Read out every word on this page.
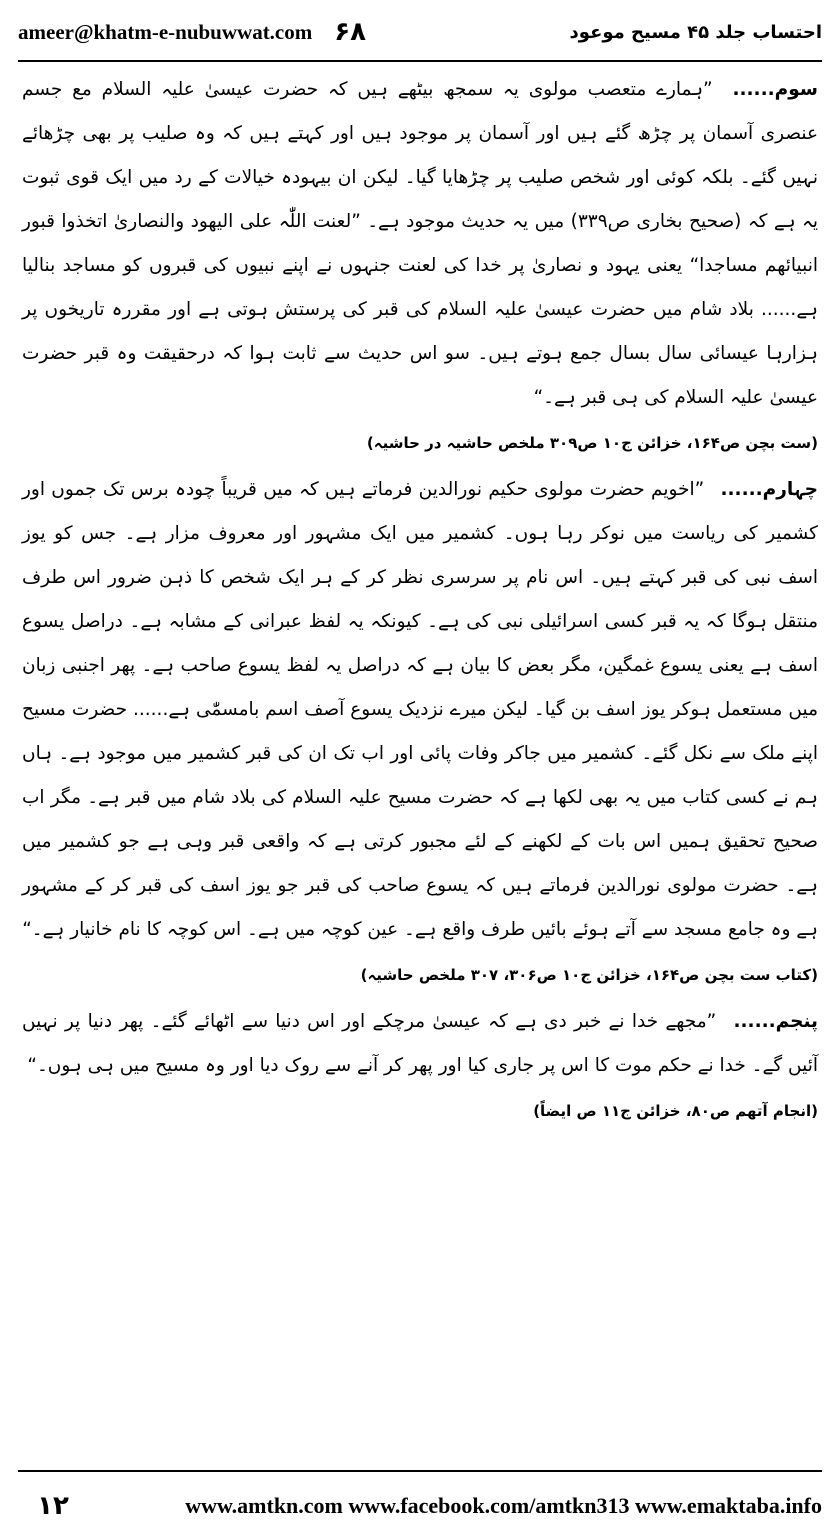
ameer@khatm-e-nubuwwat.com ۶۸	احتساب جلد ۴۵ مسیح موعود

سوم...... ”ہمارے متعصب مولوی یہ سمجھ بیٹھے ہیں کہ حضرت عیسیٰ علیہ السلام مع جسم عنصری آسمان پر چڑھ گئے ہیں اور آسمان پر موجود ہیں اور کہتے ہیں کہ وہ صلیب پر بھی چڑھائے نہیں گئے۔ بلکہ کوئی اور شخص صلیب پر چڑھایا گیا۔ لیکن ان بیہودہ خیالات کے رد میں ایک قوی ثبوت یہ ہے کہ (صحیح بخاری ص۳۳۹) میں یہ حدیث موجود ہے۔ ”لعنت اللّٰہ علی الیھود والنصاریٰ اتخذوا قبور انبیائھم مساجدا“ یعنی یہود و نصاریٰ پر خدا کی لعنت جنہوں نے اپنے نبیوں کی قبروں کو مساجد بنالیا ہے...... بلاد شام میں حضرت عیسیٰ علیہ السلام کی قبر کی پرستش ہوتی ہے اور مقررہ تاریخوں پر ہزارہا عیسائی سال بسال جمع ہوتے ہیں۔ سو اس حدیث سے ثابت ہوا کہ درحقیقت وہ قبر حضرت عیسیٰ علیہ السلام کی ہی قبر ہے۔“

(ست بچن ص۱۶۴، خزائن ج۱۰ ص۳۰۹ ملخص حاشیہ در حاشیہ)

چہارم...... ”اخویم حضرت مولوی حکیم نورالدین فرماتے ہیں کہ میں قریباً چودہ برس تک جموں اور کشمیر کی ریاست میں نوکر رہا ہوں۔ کشمیر میں ایک مشہور اور معروف مزار ہے۔ جس کو یوز اسف نبی کی قبر کہتے ہیں۔ اس نام پر سرسری نظر کر کے ہر ایک شخص کا ذہن ضرور اس طرف منتقل ہوگا کہ یہ قبر کسی اسرائیلی نبی کی ہے۔ کیونکہ یہ لفظ عبرانی کے مشابہ ہے۔ دراصل یسوع اسف ہے یعنی یسوع غمگین، مگر بعض کا بیان ہے کہ دراصل یہ لفظ یسوع صاحب ہے۔ پھر اجنبی زبان میں مستعمل ہوکر یوز اسف بن گیا۔ لیکن میرے نزدیک یسوع آصف اسم بامسمّٰی ہے...... حضرت مسیح اپنے ملک سے نکل گئے۔ کشمیر میں جاکر وفات پائی اور اب تک ان کی قبر کشمیر میں موجود ہے۔ ہاں ہم نے کسی کتاب میں یہ بھی لکھا ہے کہ حضرت مسیح علیہ السلام کی بلاد شام میں قبر ہے۔ مگر اب صحیح تحقیق ہمیں اس بات کے لکھنے کے لئے مجبور کرتی ہے کہ واقعی قبر وہی ہے جو کشمیر میں ہے۔ حضرت مولوی نورالدین فرماتے ہیں کہ یسوع صاحب کی قبر جو یوز اسف کی قبر کر کے مشہور ہے وہ جامع مسجد سے آتے ہوئے بائیں طرف واقع ہے۔ عین کوچہ میں ہے۔ اس کوچہ کا نام خانیار ہے۔“

(کتاب ست بچن ص۱۶۴، خزائن ج۱۰ ص۳۰۶، ۳۰۷ ملخص حاشیہ)

پنجم...... ”مجھے خدا نے خبر دی ہے کہ عیسیٰ مرچکے اور اس دنیا سے اٹھائے گئے۔ پھر دنیا پر نہیں آئیں گے۔ خدا نے حکم موت کا اس پر جاری کیا اور پھر کر آنے سے روک دیا اور وہ مسیح میں ہی ہوں۔“

(انجام آتھم ص۸۰، خزائن ج۱۱ ص ایضاً)
۱۲	www.amtkn.com www.facebook.com/amtkn313 www.emaktaba.info
